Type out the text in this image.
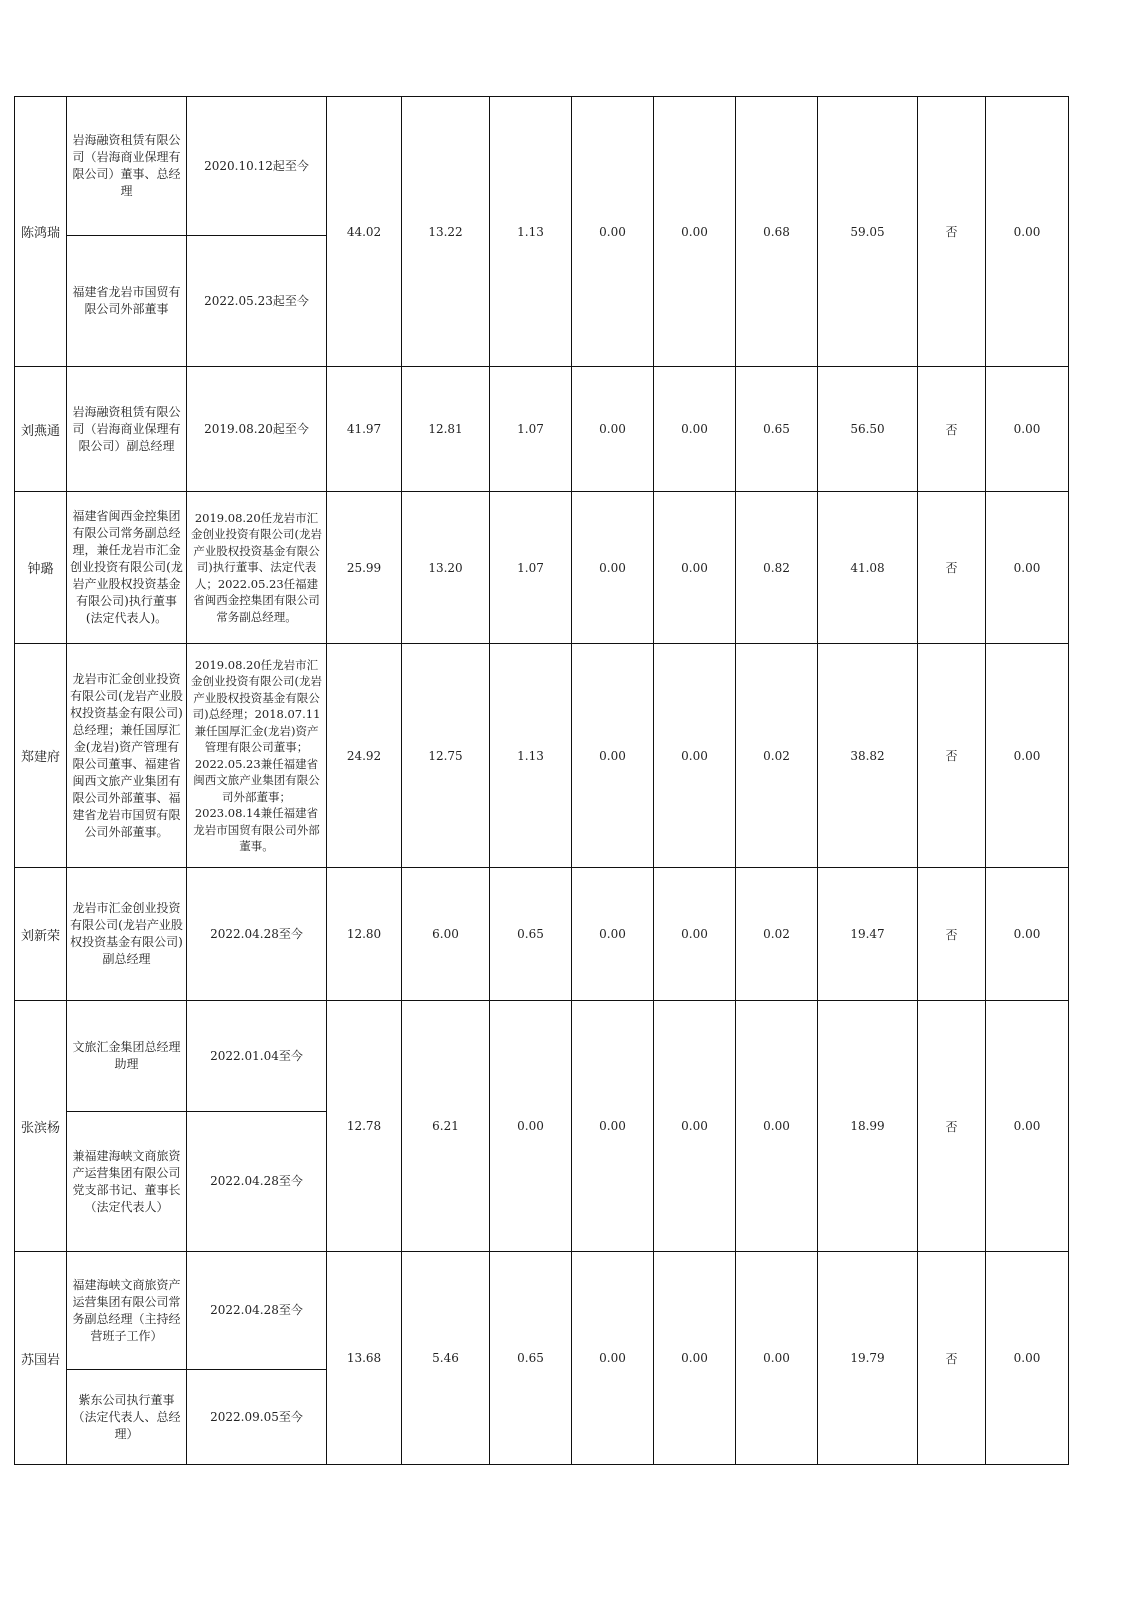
陈鸿瑞	岩海融资租赁有限公司（岩海商业保理有限公司）董事、总经理	2020.10.12起至今	44.02	13.22	1.13	0.00	0.00	0.68	59.05	否	0.00
	福建省龙岩市国贸有限公司外部董事	2022.05.23起至今									
刘燕通	岩海融资租赁有限公司（岩海商业保理有限公司）副总经理	2019.08.20起至今	41.97	12.81	1.07	0.00	0.00	0.65	56.50	否	0.00
钟璐	福建省闽西金控集团有限公司常务副总经理，兼任龙岩市汇金创业投资有限公司(龙岩产业股权投资基金有限公司)执行董事(法定代表人)。	2019.08.20任龙岩市汇金创业投资有限公司(龙岩产业股权投资基金有限公司)执行董事、法定代表人；2022.05.23任福建省闽西金控集团有限公司常务副总经理。	25.99	13.20	1.07	0.00	0.00	0.82	41.08	否	0.00
郑建府	龙岩市汇金创业投资有限公司(龙岩产业股权投资基金有限公司)总经理；兼任国厚汇金(龙岩)资产管理有限公司董事、福建省闽西文旅产业集团有限公司外部董事、福建省龙岩市国贸有限公司外部董事。	2019.08.20任龙岩市汇金创业投资有限公司(龙岩产业股权投资基金有限公司)总经理；2018.07.11兼任国厚汇金(龙岩)资产管理有限公司董事；2022.05.23兼任福建省闽西文旅产业集团有限公司外部董事；2023.08.14兼任福建省龙岩市国贸有限公司外部董事。	24.92	12.75	1.13	0.00	0.00	0.02	38.82	否	0.00
刘新荣	龙岩市汇金创业投资有限公司(龙岩产业股权投资基金有限公司)副总经理	2022.04.28至今	12.80	6.00	0.65	0.00	0.00	0.02	19.47	否	0.00
张滨杨	文旅汇金集团总经理助理	2022.01.04至今	12.78	6.21	0.00	0.00	0.00	0.00	18.99	否	0.00
	兼福建海峡文商旅资产运营集团有限公司党支部书记、董事长（法定代表人）	2022.04.28至今									
苏国岩	福建海峡文商旅资产运营集团有限公司常务副总经理（主持经营班子工作）	2022.04.28至今	13.68	5.46	0.65	0.00	0.00	0.00	19.79	否	0.00
	紫东公司执行董事（法定代表人、总经理）	2022.09.05至今									
